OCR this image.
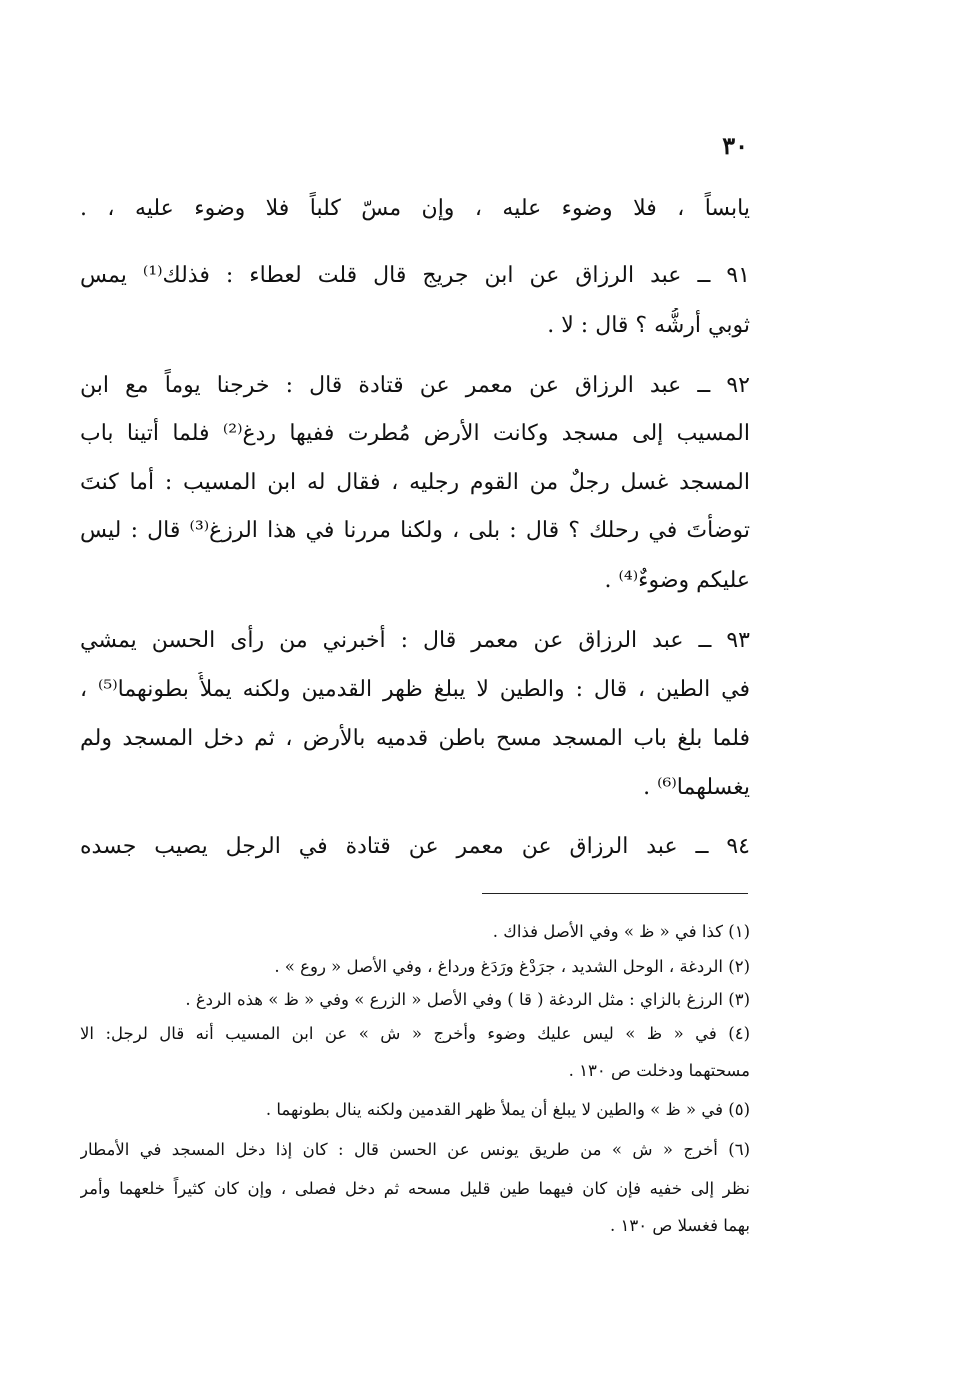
٣٠
يابساً ، فلا وضوء عليه ، وإن مسّ كلباً فلا وضوء عليه ، .
٩١ ــ عبد الرزاق عن ابن جريج قال قلت لعطاء : فذلك⁽¹⁾ يمس
ثوبي أرشُّه ؟ قال : لا .
٩٢ ــ عبد الرزاق عن معمر عن قتادة قال : خرجنا يوماً مع ابن
المسيب إلى مسجد وكانت الأرض مُطرت ففيها ردغ⁽²⁾ فلما أتينا باب
المسجد غسل رجلٌ من القوم رجليه ، فقال له ابن المسيب : أما كنتَ
توضأْتَ في رحلك ؟ قال : بلى ، ولكنا مررنا في هذا الرزغ⁽³⁾ قال : ليس
عليكم وضوءٌ⁽⁴⁾ .
٩٣ ــ عبد الرزاق عن معمر قال : أخبرني من رأى الحسن يمشي
في الطين ، قال : والطين لا يبلغ ظهر القدمين ولكنه يملأُ بطونهما⁽⁵⁾ ،
فلما بلغ باب المسجد مسح باطن قدميه بالأرض ، ثم دخل المسجد ولم
يغسلهما⁽⁶⁾ .
٩٤ ــ عبد الرزاق عن معمر عن قتادة في الرجل يصيب جسده
(١) كذا في « ظ » وفي الأصل فذاك .
(٢) الردغة ، الوحل الشديد ، جرَدْغ ورَدَغ ورداغ ، وفي الأصل « روع » .
(٣) الرزغ بالزاي : مثل الردغة ( قا ) وفي الأصل « الزرع » وفي « ظ » هذه الردغ .
(٤) في « ظ » ليس عليك وضوء وأخرج « ش » عن ابن المسيب أنه قال لرجل: الا
مسحتهما ودخلت ص ١٣٠ .
(٥) في « ظ » والطين لا يبلغ أن يملأ ظهر القدمين ولكنه ينال بطونهما .
(٦) أخرج « ش » من طريق يونس عن الحسن قال : كان إذا دخل المسجد في الأمطار
نظر إلى خفيه فإن كان فيهما طين قليل مسحه ثم دخل فصلى ، وإن كان كثيراً خلعهما وأمر
بهما فغسلا ص ١٣٠ .
